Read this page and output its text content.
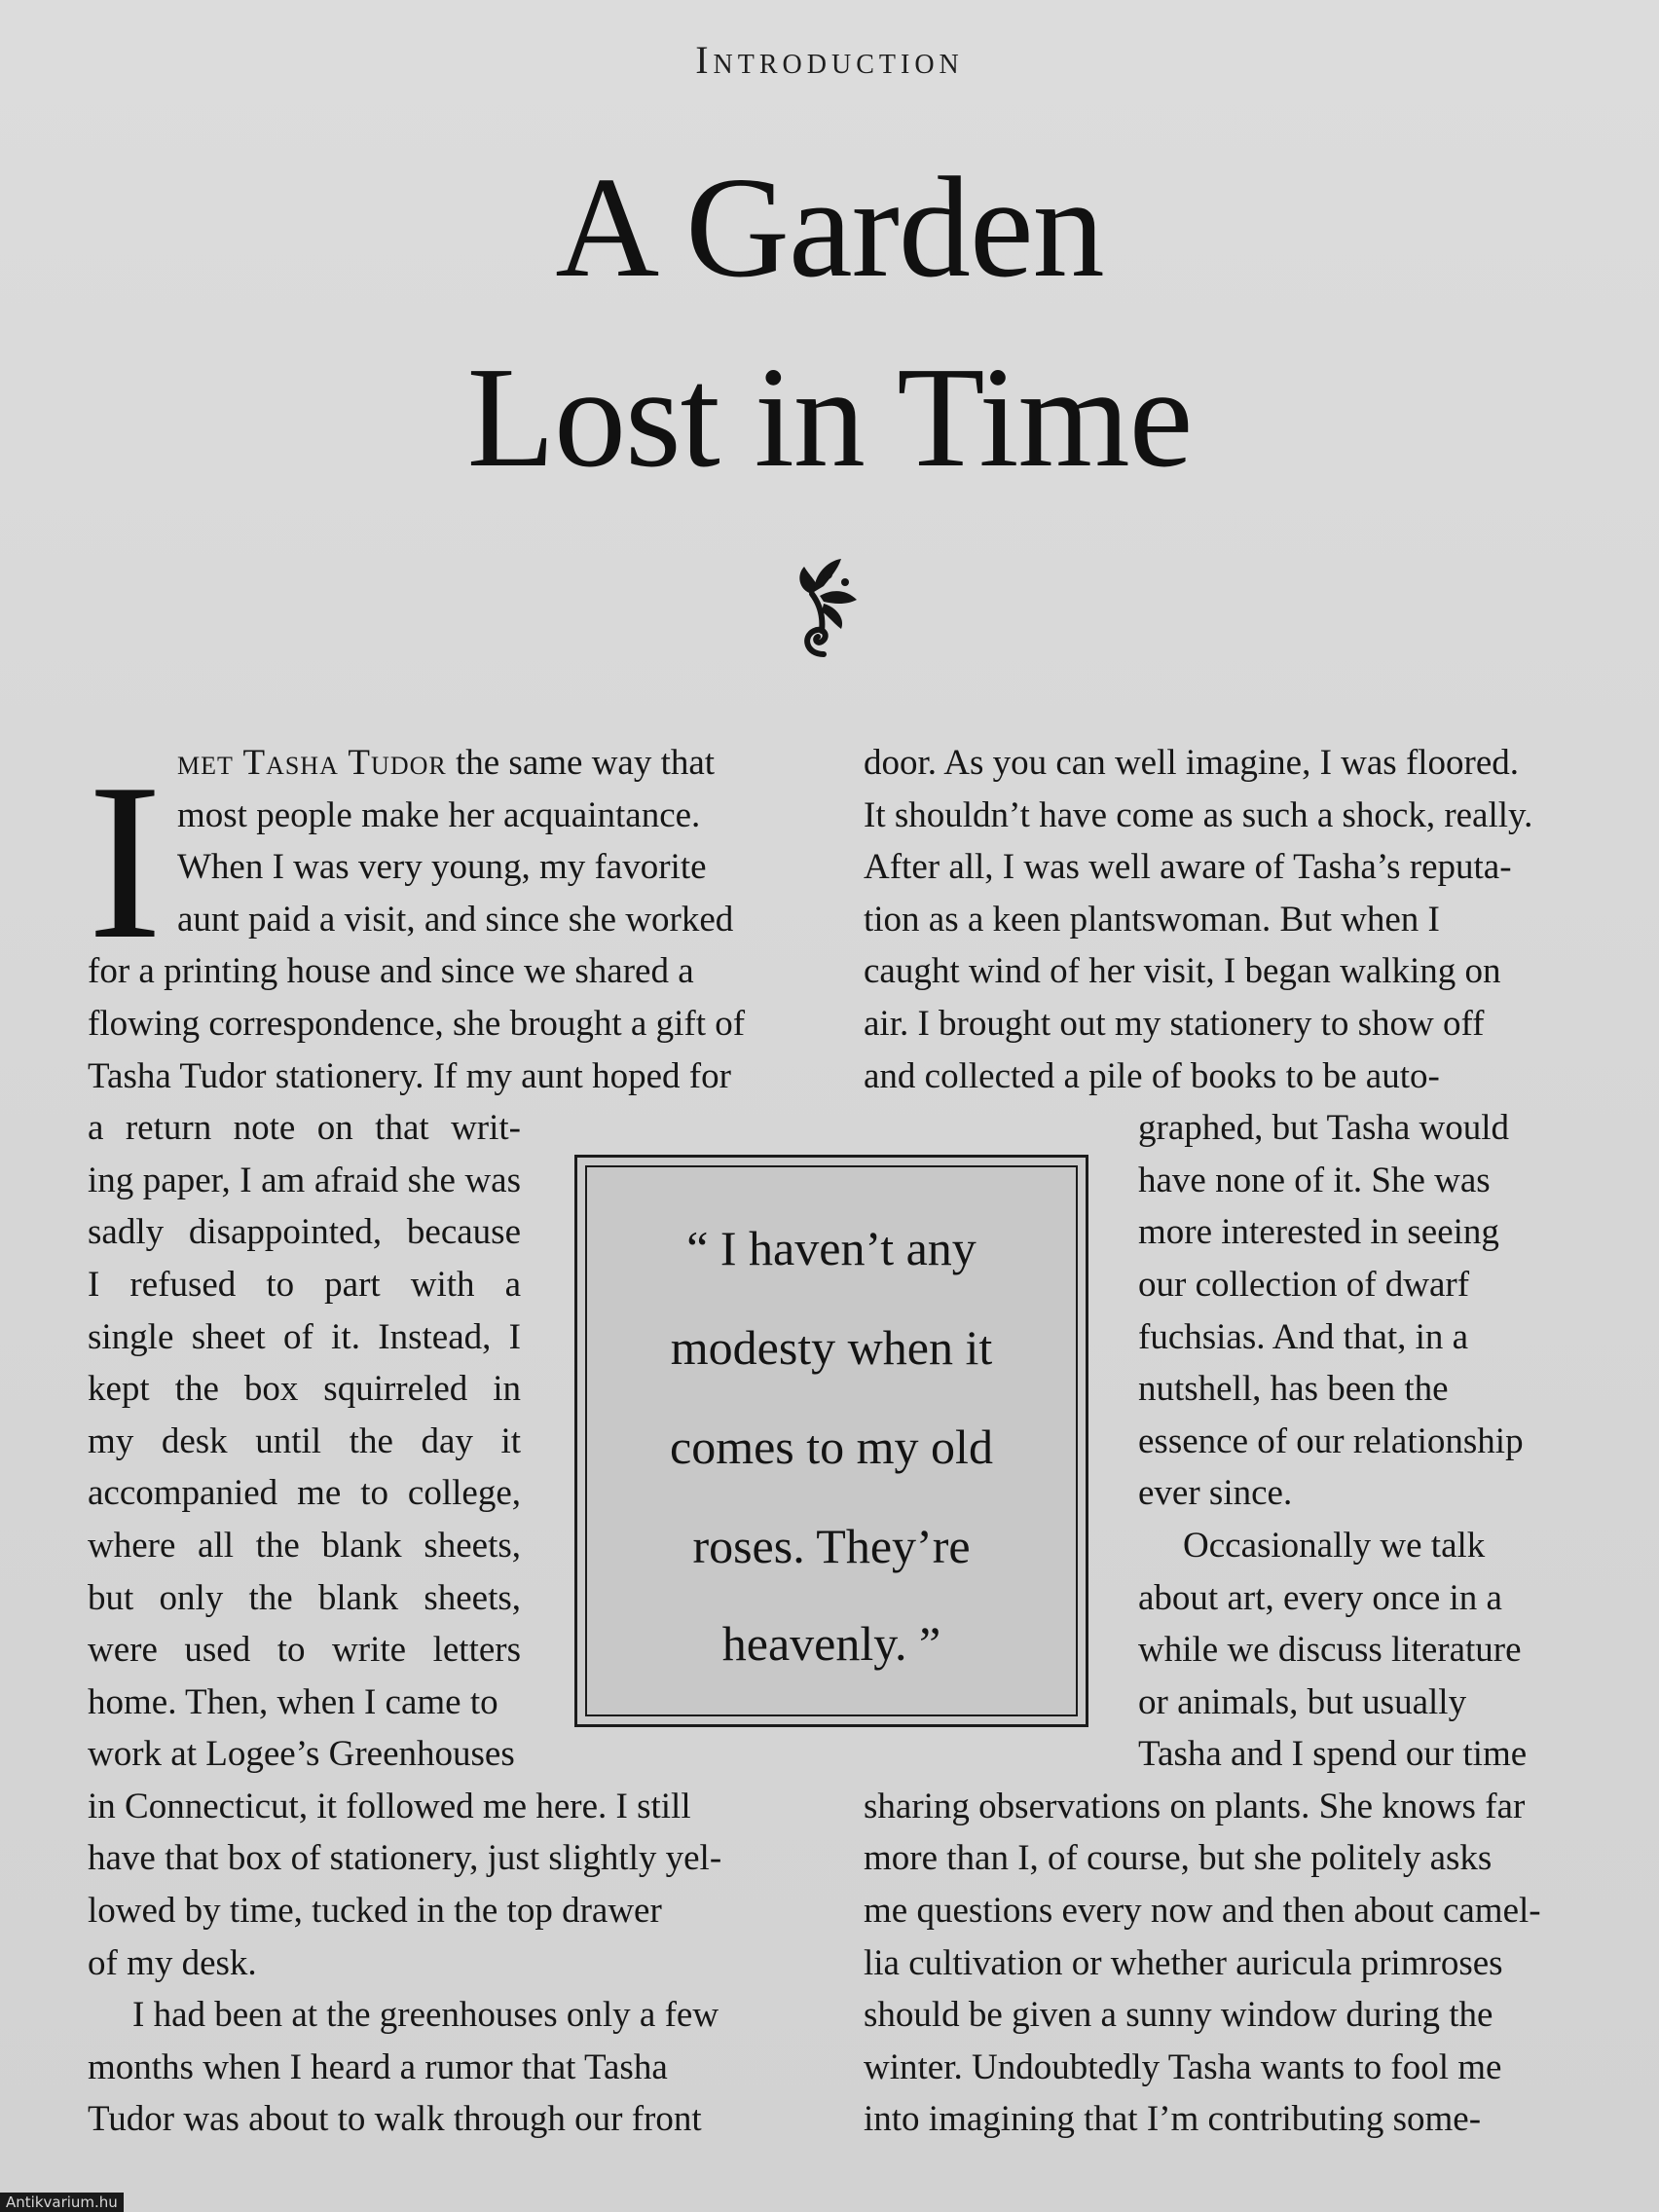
Introduction
A Garden
Lost in Time
I met Tasha Tudor the same way that
most people make her acquaintance.
When I was very young, my favorite
aunt paid a visit, and since she worked
for a printing house and since we shared a
flowing correspondence, she brought a gift of
Tasha Tudor stationery. If my aunt hoped for
a return note on that writ-
ing paper, I am afraid she was
sadly disappointed, because
I refused to part with a
single sheet of it. Instead, I
kept the box squirreled in
my desk until the day it
accompanied me to college,
where all the blank sheets,
but only the blank sheets,
were used to write letters
home. Then, when I came to
work at Logee’s Greenhouses
in Connecticut, it followed me here. I still
have that box of stationery, just slightly yel-
lowed by time, tucked in the top drawer
of my desk.
I had been at the greenhouses only a few
months when I heard a rumor that Tasha
Tudor was about to walk through our front
door. As you can well imagine, I was floored.
It shouldn’t have come as such a shock, really.
After all, I was well aware of Tasha’s reputa-
tion as a keen plantswoman. But when I
caught wind of her visit, I began walking on
air. I brought out my stationery to show off
and collected a pile of books to be auto-
graphed, but Tasha would
have none of it. She was
more interested in seeing
our collection of dwarf
fuchsias. And that, in a
nutshell, has been the
essence of our relationship
ever since.
Occasionally we talk
about art, every once in a
while we discuss literature
or animals, but usually
Tasha and I spend our time
sharing observations on plants. She knows far
more than I, of course, but she politely asks
me questions every now and then about camel-
lia cultivation or whether auricula primroses
should be given a sunny window during the
winter. Undoubtedly Tasha wants to fool me
into imagining that I’m contributing some-
“ I haven’t any
modesty when it
comes to my old
roses. They’re
heavenly. ”
Antikvarium.hu
